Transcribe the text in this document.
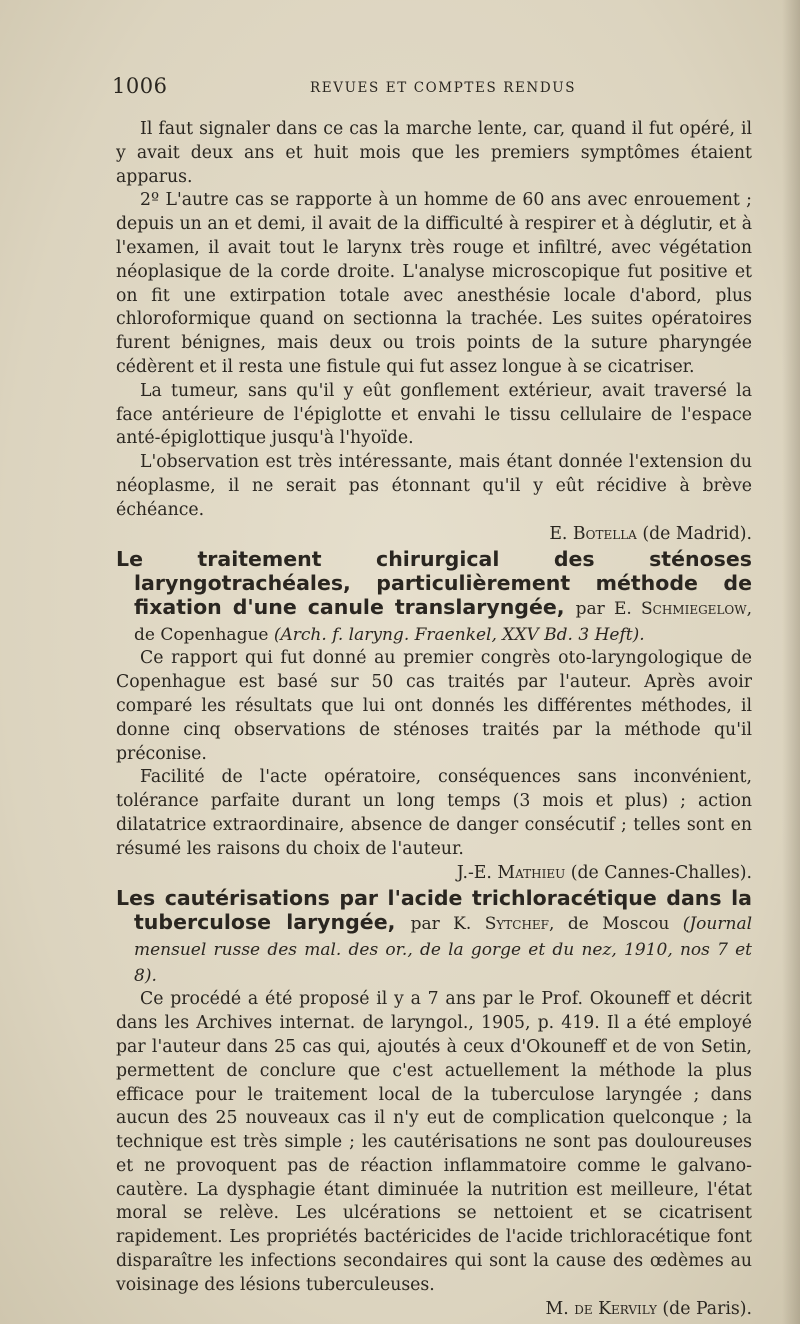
1006	REVUES ET COMPTES RENDUS

Il faut signaler dans ce cas la marche lente, car, quand il fut opéré, il y avait deux ans et huit mois que les premiers symptômes étaient apparus.

2º L'autre cas se rapporte à un homme de 60 ans avec enrouement ; depuis un an et demi, il avait de la difficulté à respirer et à déglutir, et à l'examen, il avait tout le larynx très rouge et infiltré, avec végétation néoplasique de la corde droite. L'analyse microscopique fut positive et on fit une extirpation totale avec anesthésie locale d'abord, plus chloroformique quand on sectionna la trachée. Les suites opératoires furent bénignes, mais deux ou trois points de la suture pharyngée cédèrent et il resta une fistule qui fut assez longue à se cicatriser.

La tumeur, sans qu'il y eût gonflement extérieur, avait traversé la face antérieure de l'épiglotte et envahi le tissu cellulaire de l'espace anté-épiglottique jusqu'à l'hyoïde.

L'observation est très intéressante, mais étant donnée l'extension du néoplasme, il ne serait pas étonnant qu'il y eût récidive à brève échéance.

E. Botella (de Madrid).

Le traitement chirurgical des sténoses laryngotrachéales, particulièrement méthode de fixation d'une canule translaryngée, par E. Schmiegelow, de Copenhague (Arch. f. laryng. Fraenkel, XXV Bd. 3 Heft).

Ce rapport qui fut donné au premier congrès oto-laryngologique de Copenhague est basé sur 50 cas traités par l'auteur. Après avoir comparé les résultats que lui ont donnés les différentes méthodes, il donne cinq observations de sténoses traités par la méthode qu'il préconise.

Facilité de l'acte opératoire, conséquences sans inconvénient, tolérance parfaite durant un long temps (3 mois et plus) ; action dilatatrice extraordinaire, absence de danger consécutif ; telles sont en résumé les raisons du choix de l'auteur.

J.-E. Mathieu (de Cannes-Challes).

Les cautérisations par l'acide trichloracétique dans la tuberculose laryngée, par K. Sytchef, de Moscou (Journal mensuel russe des mal. des or., de la gorge et du nez, 1910, nos 7 et 8).

Ce procédé a été proposé il y a 7 ans par le Prof. Okouneff et décrit dans les Archives internat. de laryngol., 1905, p. 419. Il a été employé par l'auteur dans 25 cas qui, ajoutés à ceux d'Okouneff et de von Setin, permettent de conclure que c'est actuellement la méthode la plus efficace pour le traitement local de la tuberculose laryngée ; dans aucun des 25 nouveaux cas il n'y eut de complication quelconque ; la technique est très simple ; les cautérisations ne sont pas douloureuses et ne provoquent pas de réaction inflammatoire comme le galvano-cautère. La dysphagie étant diminuée la nutrition est meilleure, l'état moral se relève. Les ulcérations se nettoient et se cicatrisent rapidement. Les propriétés bactéricides de l'acide trichloracétique font disparaître les infections secondaires qui sont la cause des œdèmes au voisinage des lésions tuberculeuses.

M. de Kervily (de Paris).
